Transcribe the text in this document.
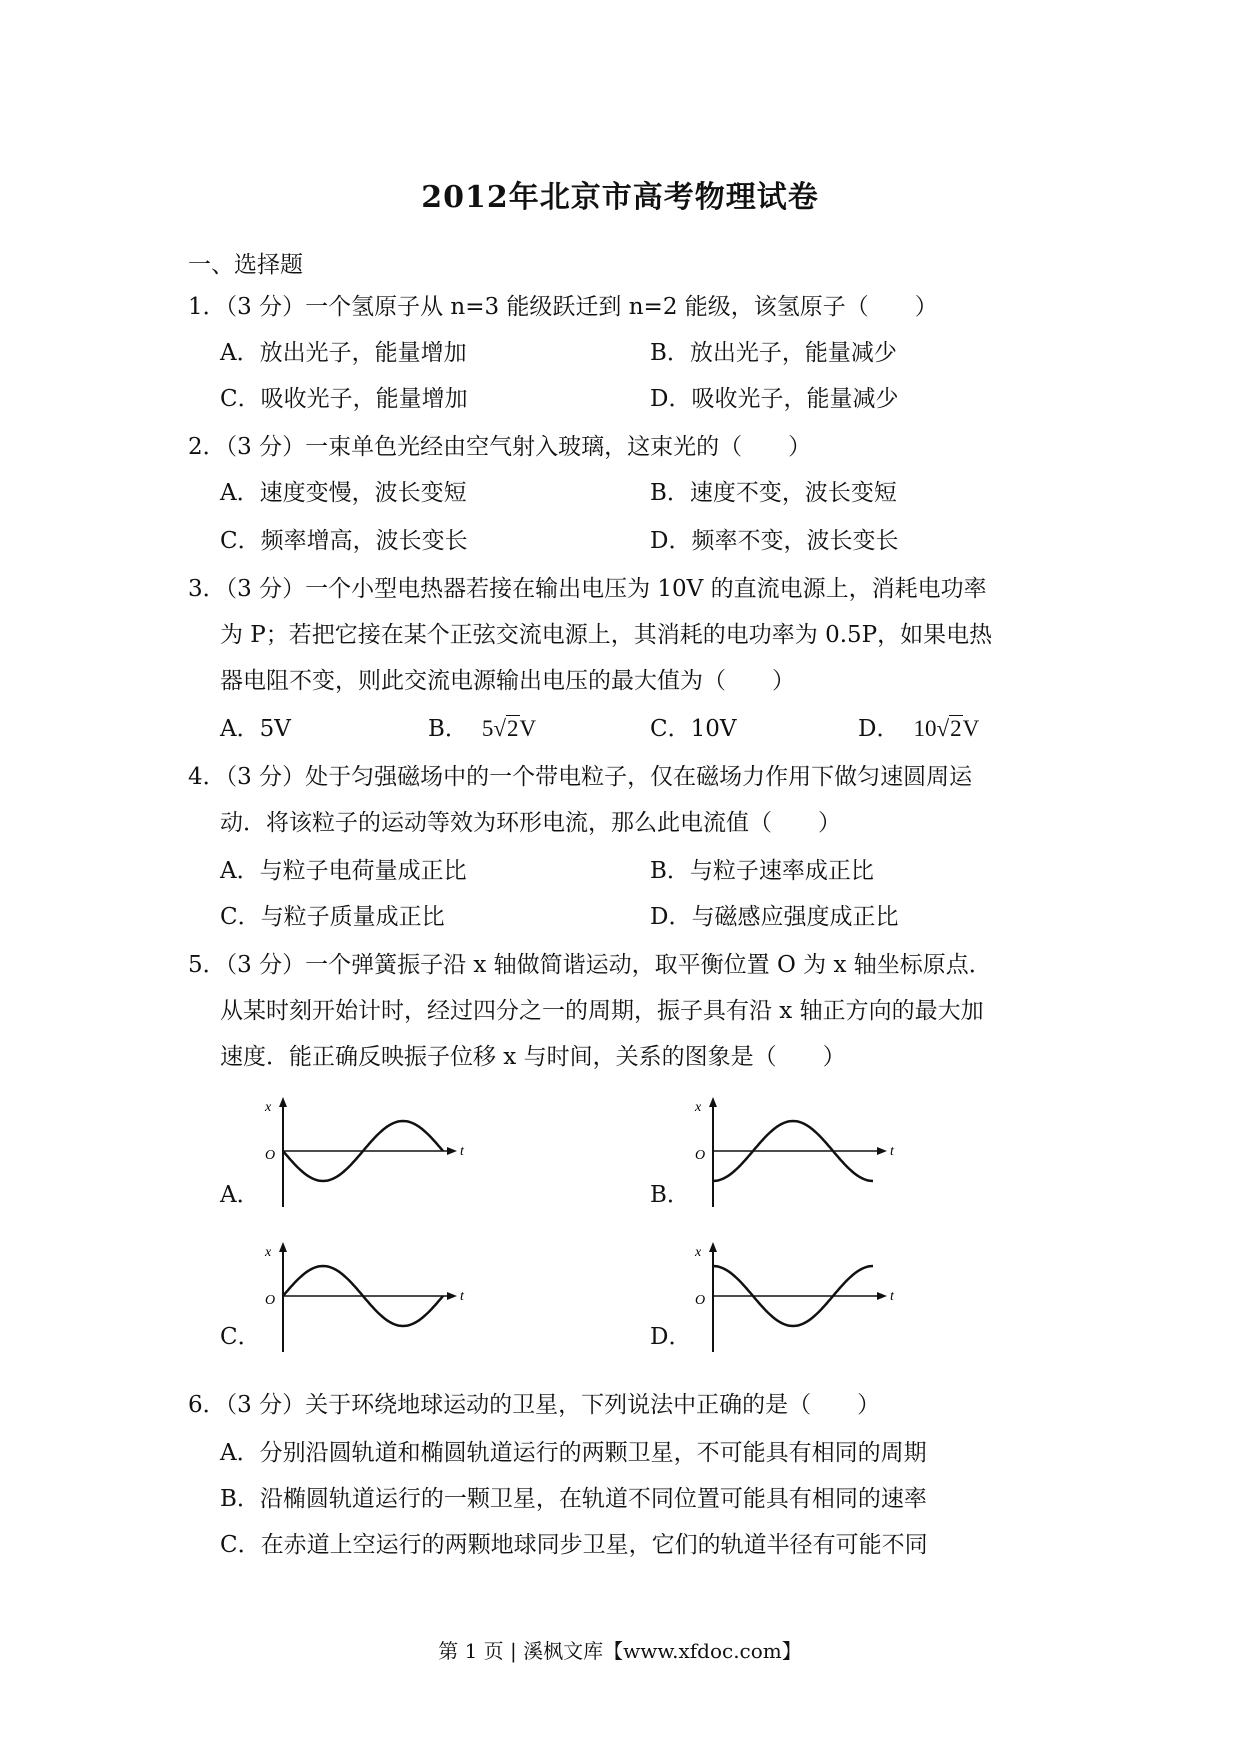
2012年北京市高考物理试卷
一、选择题
1．（3 分）一个氢原子从 n=3 能级跃迁到 n=2 能级，该氢原子（　　）
A．放出光子，能量增加	B．放出光子，能量减少
C．吸收光子，能量增加	D．吸收光子，能量减少
2．（3 分）一束单色光经由空气射入玻璃，这束光的（　　）
A．速度变慢，波长变短	B．速度不变，波长变短
C．频率增高，波长变长	D．频率不变，波长变长
3．（3 分）一个小型电热器若接在输出电压为 10V 的直流电源上，消耗电功率
为 P；若把它接在某个正弦交流电源上，其消耗的电功率为 0.5P，如果电热
器电阻不变，则此交流电源输出电压的最大值为（　　）
A．5V	B． 5√2V	C．10V	D． 10√2V
4．（3 分）处于匀强磁场中的一个带电粒子，仅在磁场力作用下做匀速圆周运
动．将该粒子的运动等效为环形电流，那么此电流值（　　）
A．与粒子电荷量成正比	B．与粒子速率成正比
C．与粒子质量成正比	D．与磁感应强度成正比
5．（3 分）一个弹簧振子沿 x 轴做简谐运动，取平衡位置 O 为 x 轴坐标原点．
从某时刻开始计时，经过四分之一的周期，振子具有沿 x 轴正方向的最大加
速度．能正确反映振子位移 x 与时间，关系的图象是（　　）
A．	B．
C．	D．
x
O	t
x
O	t
x
O	t
x
O	t
6．（3 分）关于环绕地球运动的卫星，下列说法中正确的是（　　）
A．分别沿圆轨道和椭圆轨道运行的两颗卫星，不可能具有相同的周期
B．沿椭圆轨道运行的一颗卫星，在轨道不同位置可能具有相同的速率
C．在赤道上空运行的两颗地球同步卫星，它们的轨道半径有可能不同
第 1 页 | 溪枫文库【www.xfdoc.com】
